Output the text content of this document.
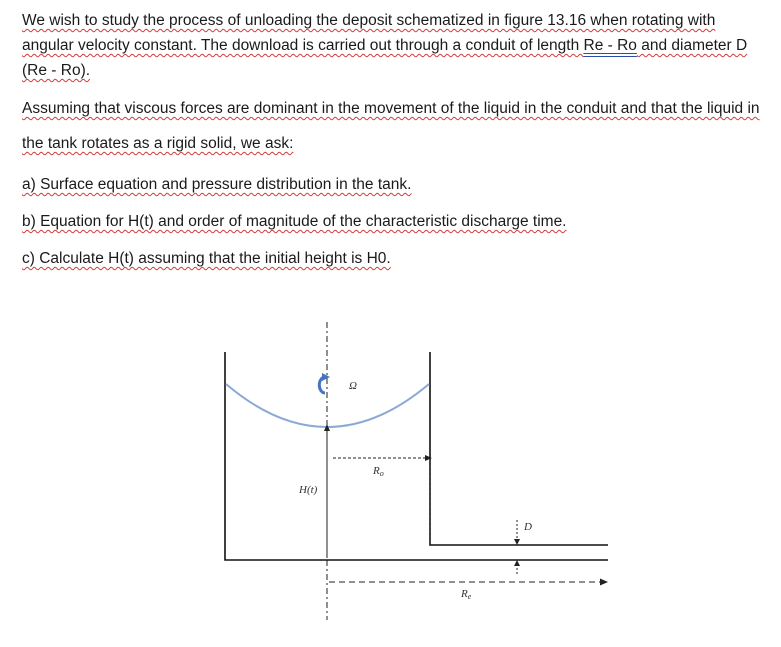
We wish to study the process of unloading the deposit schematized in figure 13.16 when rotating with angular velocity constant. The download is carried out through a conduit of length Re - Ro and diameter D (Re - Ro).

Assuming that viscous forces are dominant in the movement of the liquid in the conduit and that the liquid in the tank rotates as a rigid solid, we ask:

a) Surface equation and pressure distribution in the tank.

b) Equation for H(t) and order of magnitude of the characteristic discharge time.

c) Calculate H(t) assuming that the initial height is H0.

Ω
H(t)
Ro
D
Re
